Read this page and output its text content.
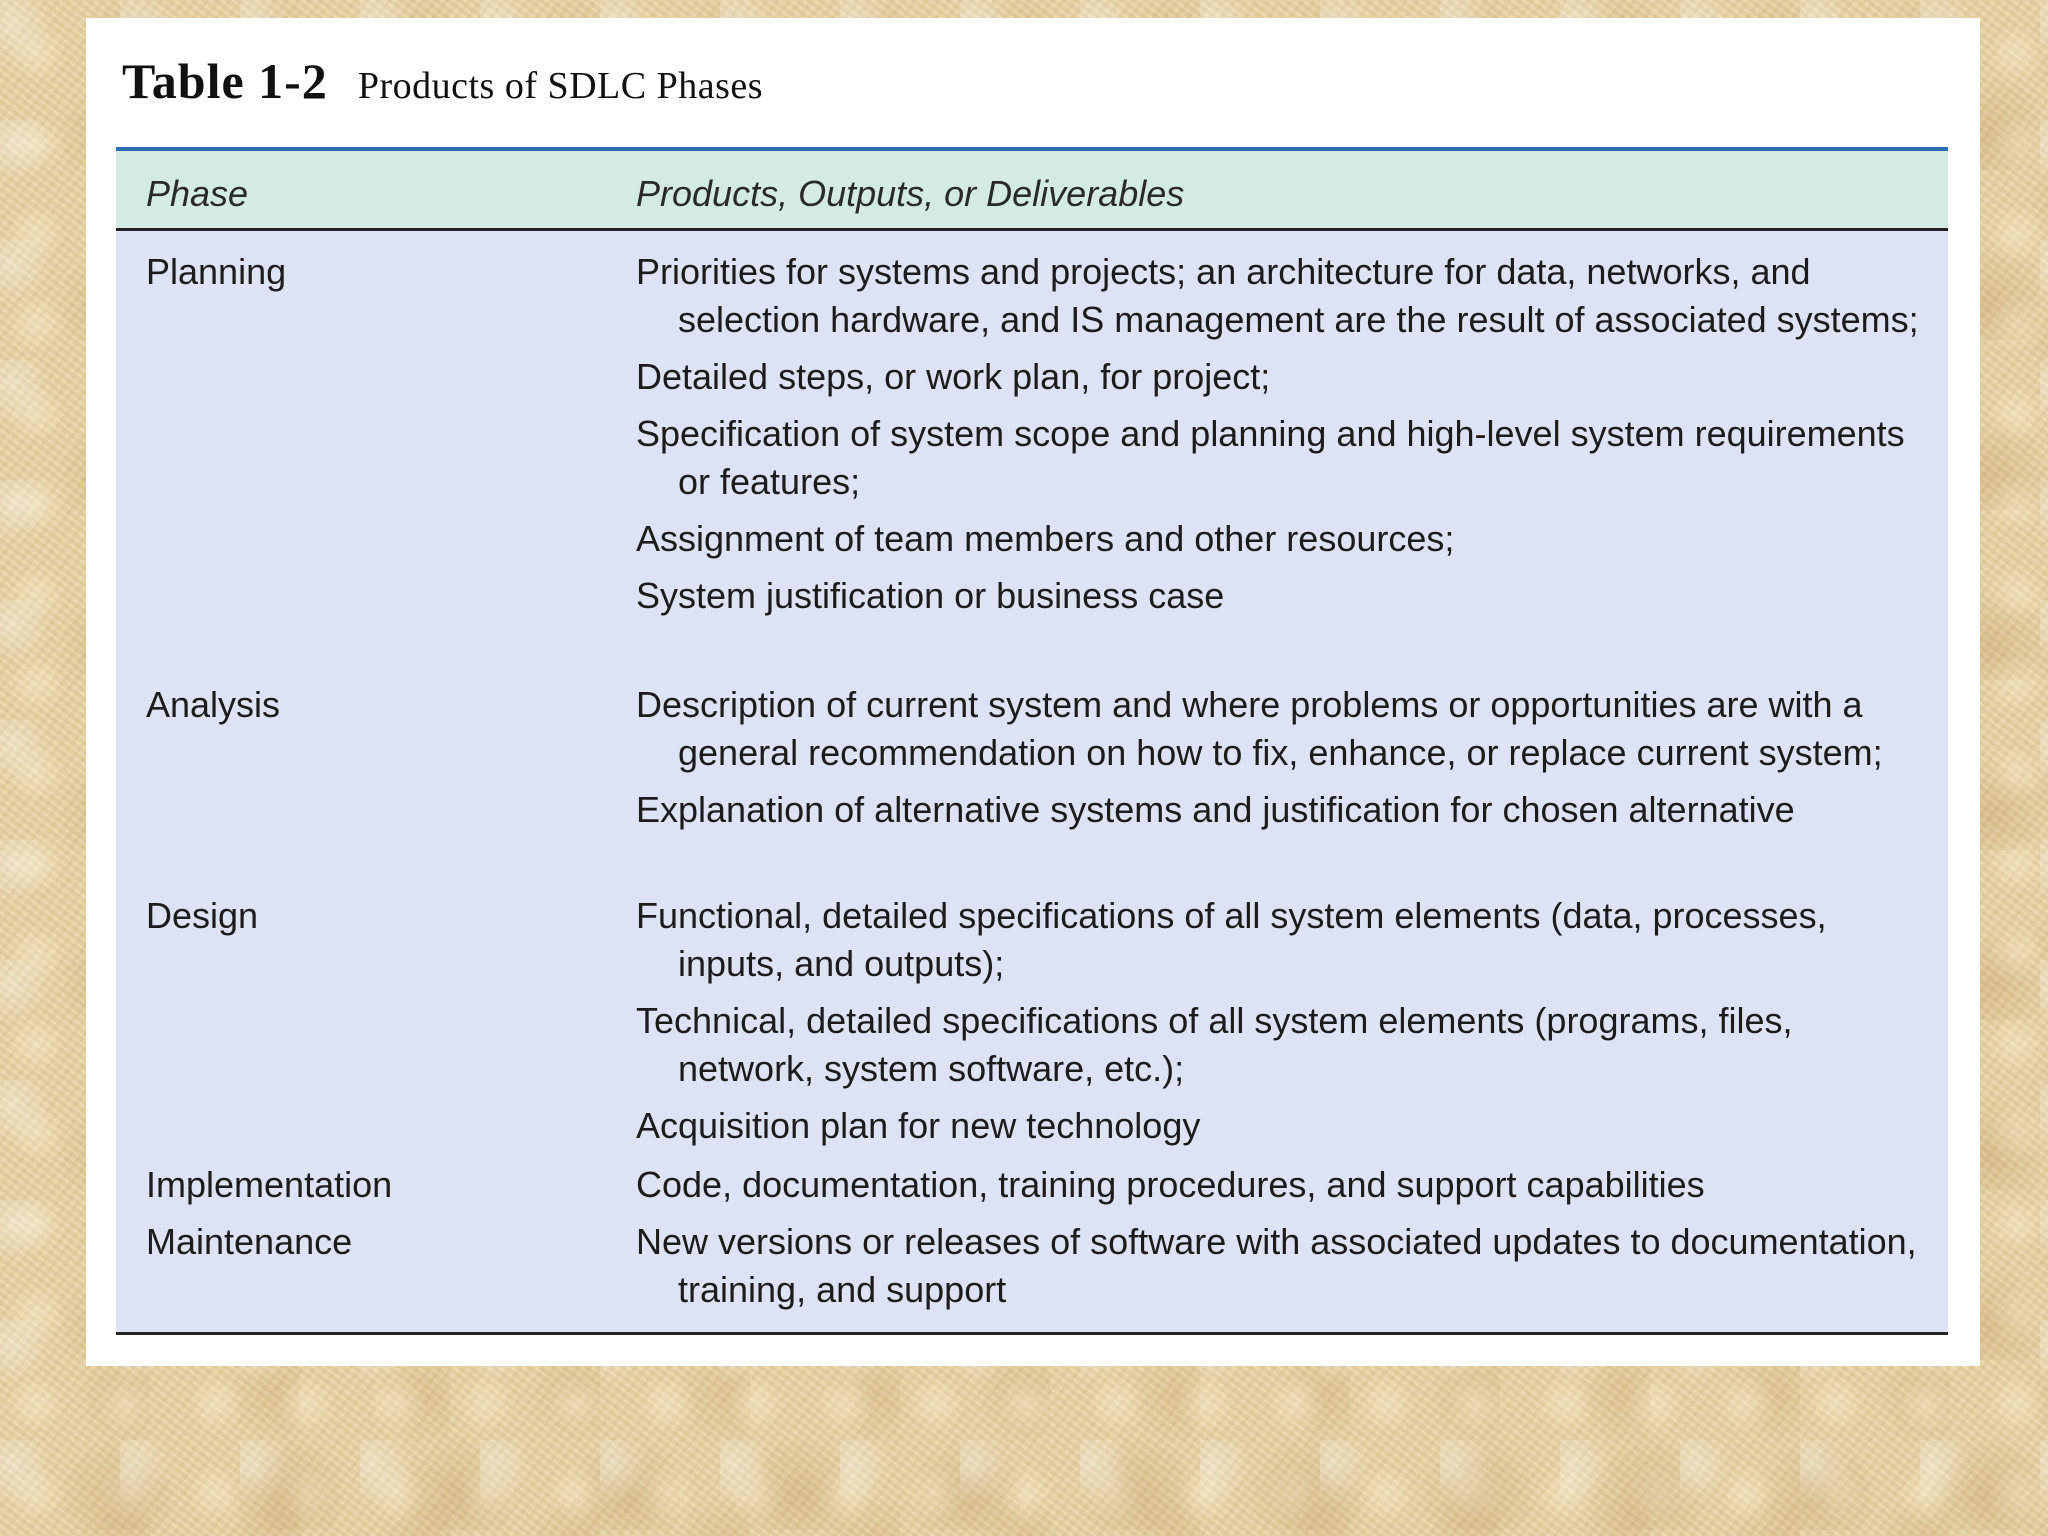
Table 1-2 Products of SDLC Phases
Phase	Products, Outputs, or Deliverables
Planning	Priorities for systems and projects; an architecture for data, networks, and selection hardware, and IS management are the result of associated systems;
Detailed steps, or work plan, for project;
Specification of system scope and planning and high-level system requirements or features;
Assignment of team members and other resources;
System justification or business case
Analysis	Description of current system and where problems or opportunities are with a general recommendation on how to fix, enhance, or replace current system;
Explanation of alternative systems and justification for chosen alternative
Design	Functional, detailed specifications of all system elements (data, processes, inputs, and outputs);
Technical, detailed specifications of all system elements (programs, files, network, system software, etc.);
Acquisition plan for new technology
Implementation	Code, documentation, training procedures, and support capabilities
Maintenance	New versions or releases of software with associated updates to documentation, training, and support
